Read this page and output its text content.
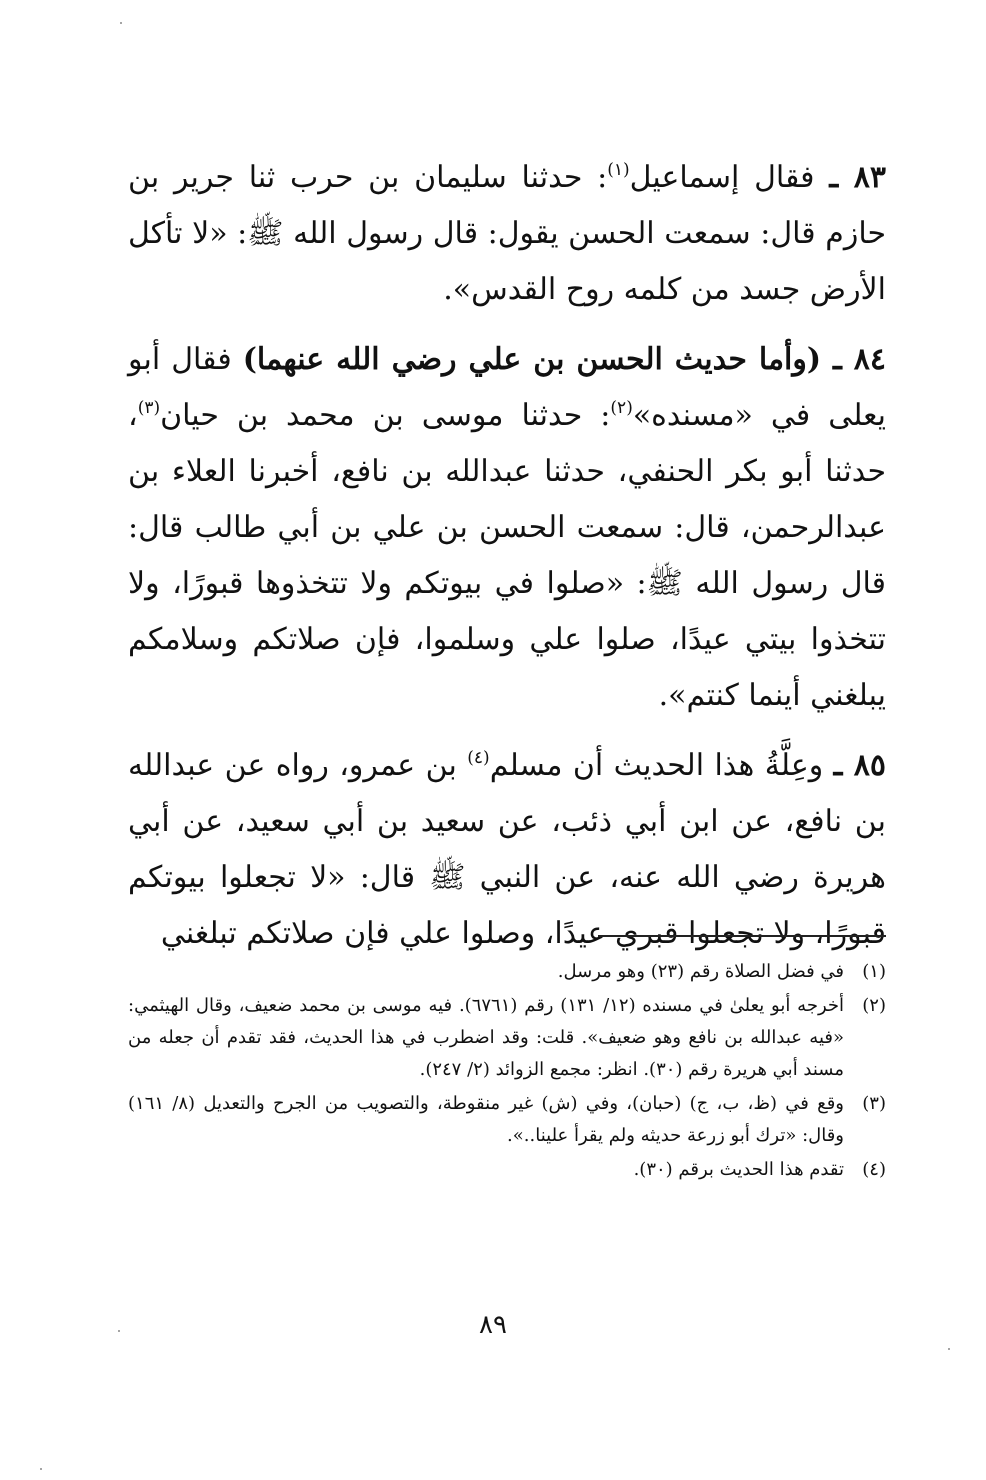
٨٣ ـ فقال إسماعيل$^{(١)}$: حدثنا سليمان بن حرب ثنا جرير بن حازم قال: سمعت الحسن يقول: قال رسول الله ﷺ: «لا تأكل الأرض جسد من كلمه روح القدس».

٨٤ ـ (وأما حديث الحسن بن علي رضي الله عنهما) فقال أبو يعلى في «مسنده»$^{(٢)}$: حدثنا موسى بن محمد بن حيان$^{(٣)}$، حدثنا أبو بكر الحنفي، حدثنا عبدالله بن نافع، أخبرنا العلاء بن عبدالرحمن، قال: سمعت الحسن بن علي بن أبي طالب قال: قال رسول الله ﷺ: «صلوا في بيوتكم ولا تتخذوها قبورًا، ولا تتخذوا بيتي عيدًا، صلوا علي وسلموا، فإن صلاتكم وسلامكم يبلغني أينما كنتم».

٨٥ ـ وعِلَّةُ هذا الحديث أن مسلم$^{(٤)}$ بن عمرو، رواه عن عبدالله بن نافع، عن ابن أبي ذئب، عن سعيد بن أبي سعيد، عن أبي هريرة رضي الله عنه، عن النبي ﷺ قال: «لا تجعلوا بيوتكم قبورًا، ولا تجعلوا قبري عيدًا، وصلوا علي فإن صلاتكم تبلغني

(١)
في فضل الصلاة رقم (٢٣) وهو مرسل.
(٢)
أخرجه أبو يعلىٰ في مسنده (١٢/ ١٣١) رقم (٦٧٦١). فيه موسى بن محمد ضعيف، وقال الهيثمي: «فيه عبدالله بن نافع وهو ضعيف». قلت: وقد اضطرب في هذا الحديث، فقد تقدم أن جعله من مسند أبي هريرة رقم (٣٠). انظر: مجمع الزوائد (٢/ ٢٤٧).
(٣)
وقع في (ظ، ب، ج) (حبان)، وفي (ش) غير منقوطة، والتصويب من الجرح والتعديل (٨/ ١٦١) وقال: «ترك أبو زرعة حديثه ولم يقرأ علينا..».
(٤)
تقدم هذا الحديث برقم (٣٠).
٨٩
